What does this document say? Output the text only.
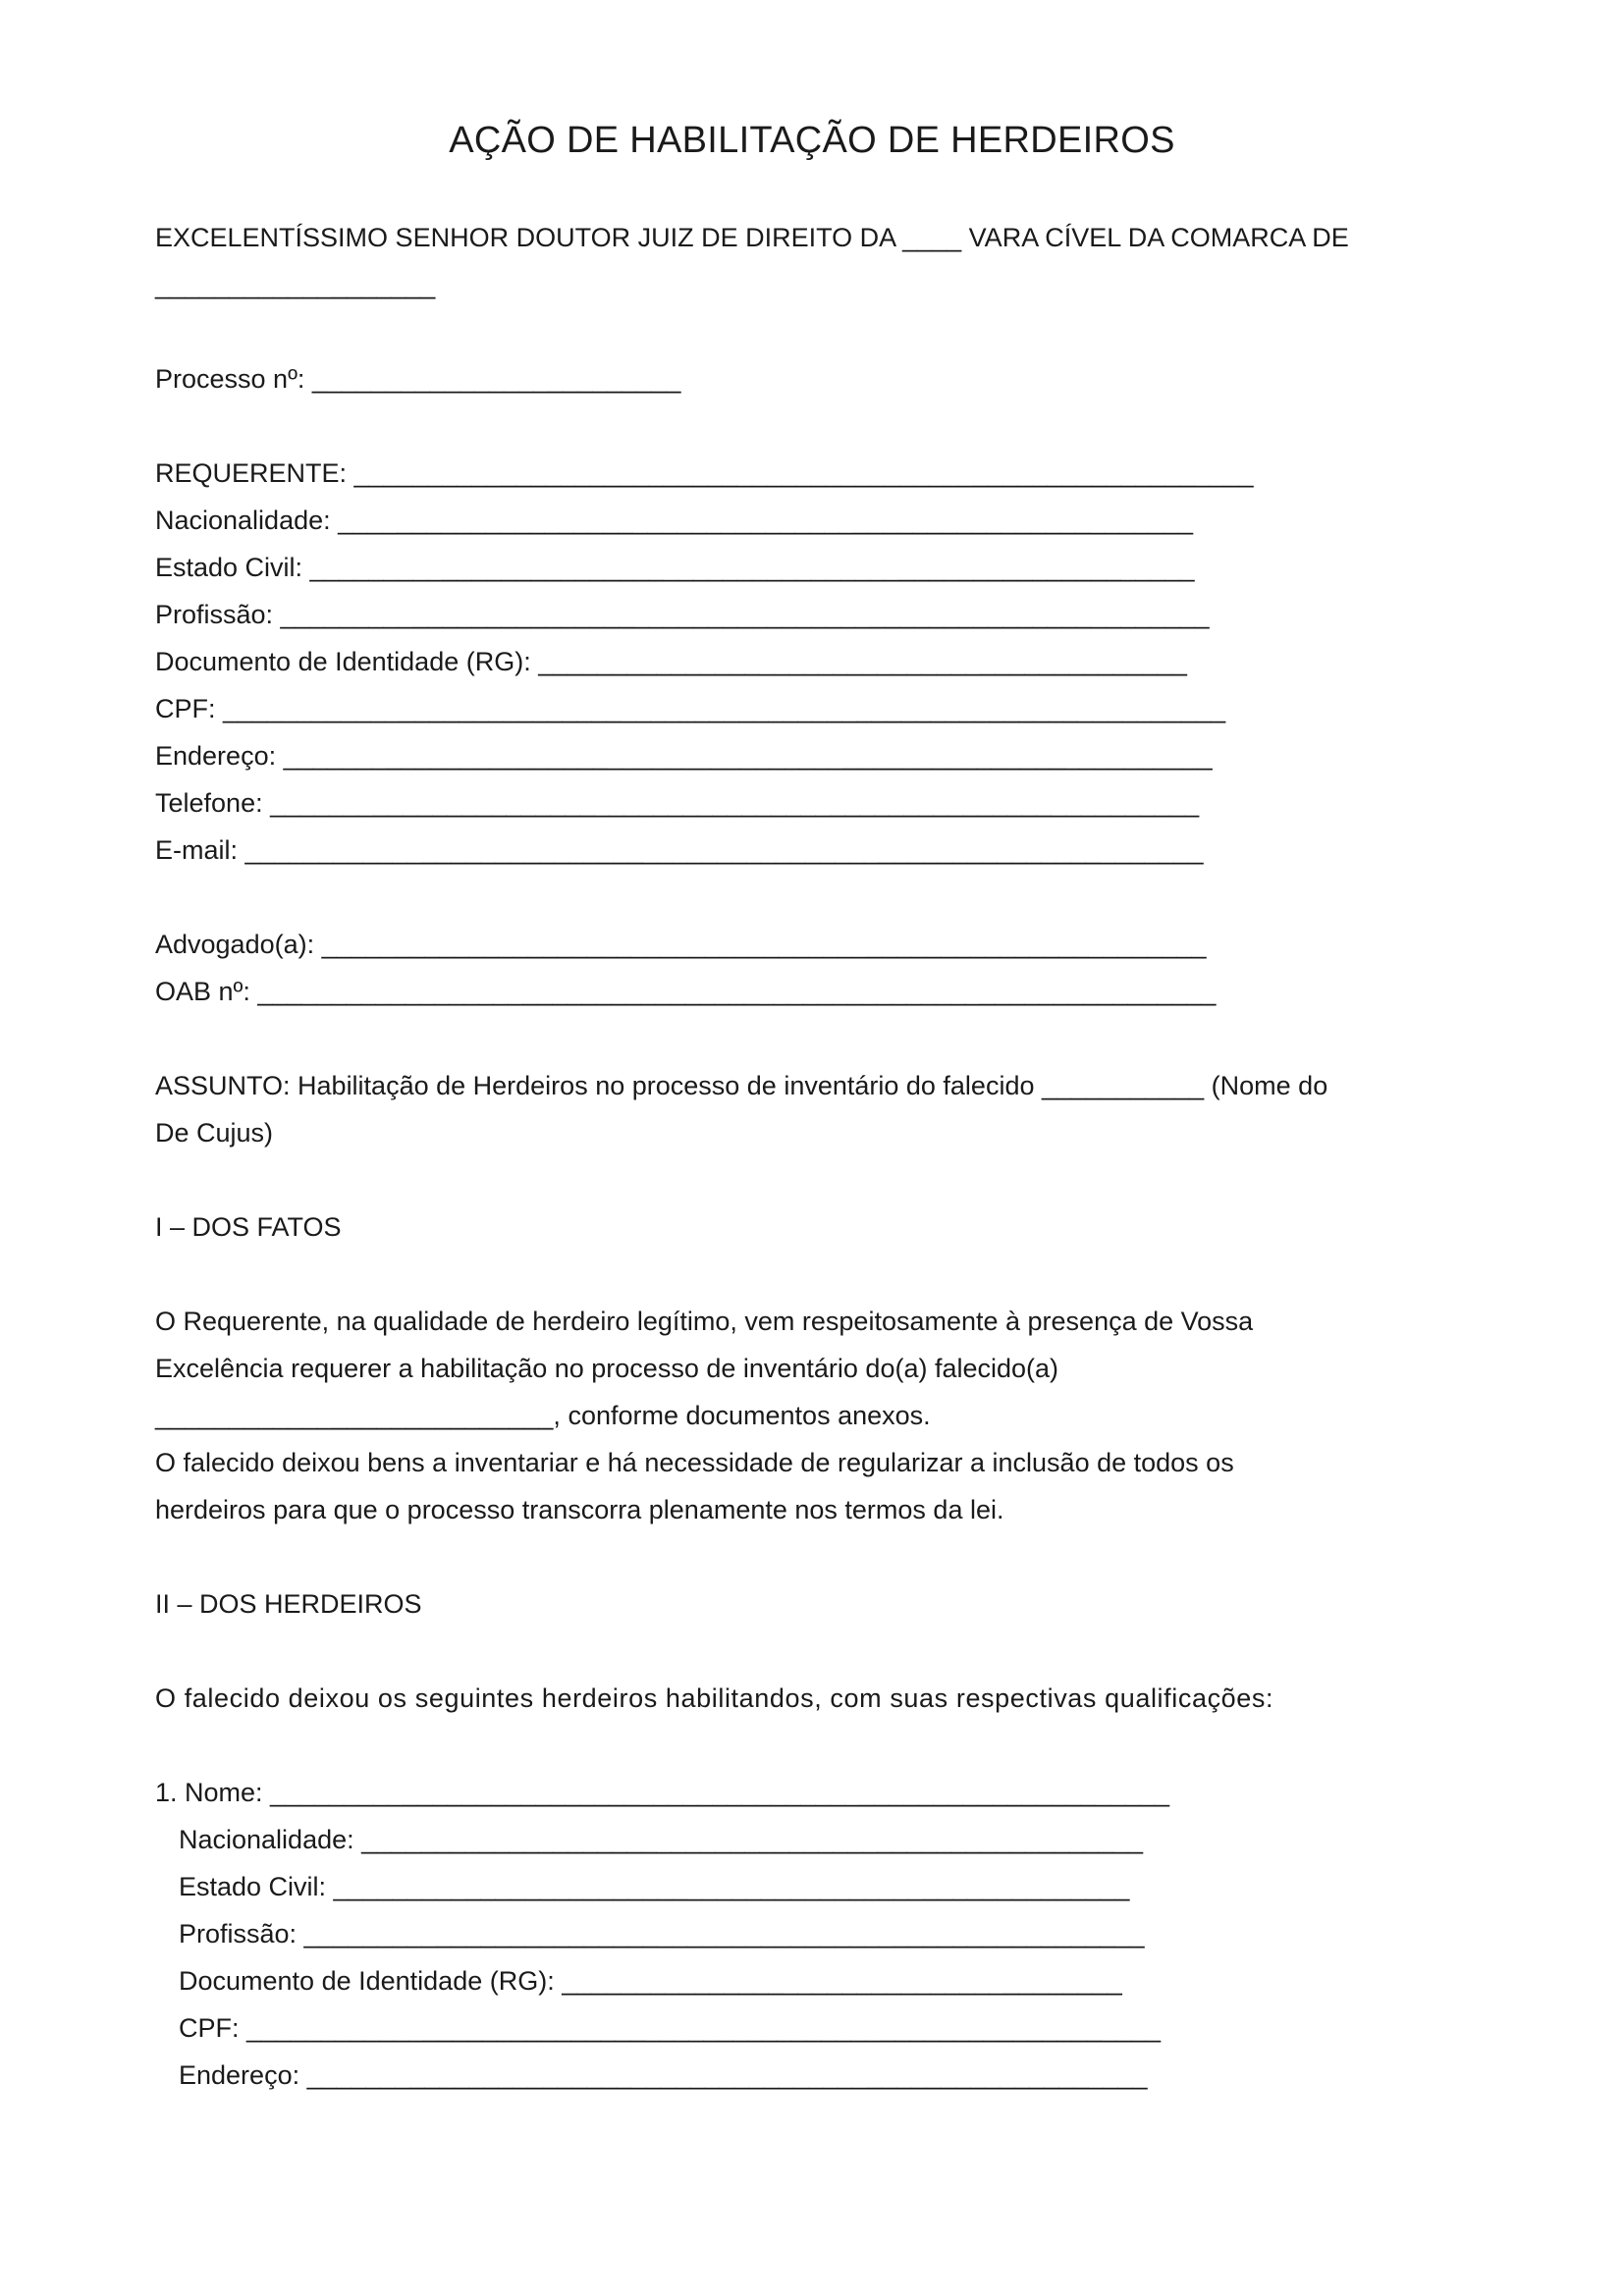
AÇÃO DE HABILITAÇÃO DE HERDEIROS

EXCELENTÍSSIMO SENHOR DOUTOR JUIZ DE DIREITO DA ____ VARA CÍVEL DA COMARCA DE

___________________

Processo nº: _________________________

REQUERENTE: _____________________________________________________________

Nacionalidade: __________________________________________________________

Estado Civil: ____________________________________________________________

Profissão: _______________________________________________________________

Documento de Identidade (RG): ____________________________________________

CPF: ____________________________________________________________________

Endereço: _______________________________________________________________

Telefone: _______________________________________________________________

E-mail: _________________________________________________________________

Advogado(a): ____________________________________________________________

OAB nº: _________________________________________________________________

ASSUNTO: Habilitação de Herdeiros no processo de inventário do falecido ___________ (Nome do

De Cujus)

I – DOS FATOS

O Requerente, na qualidade de herdeiro legítimo, vem respeitosamente à presença de Vossa

Excelência requerer a habilitação no processo de inventário do(a) falecido(a)

___________________________, conforme documentos anexos.

O falecido deixou bens a inventariar e há necessidade de regularizar a inclusão de todos os

herdeiros para que o processo transcorra plenamente nos termos da lei.

II – DOS HERDEIROS

O falecido deixou os seguintes herdeiros habilitandos, com suas respectivas qualificações:

1. Nome: _____________________________________________________________

Nacionalidade: _____________________________________________________

Estado Civil: ______________________________________________________

Profissão: _________________________________________________________

Documento de Identidade (RG): ______________________________________

CPF: ______________________________________________________________

Endereço: _________________________________________________________
